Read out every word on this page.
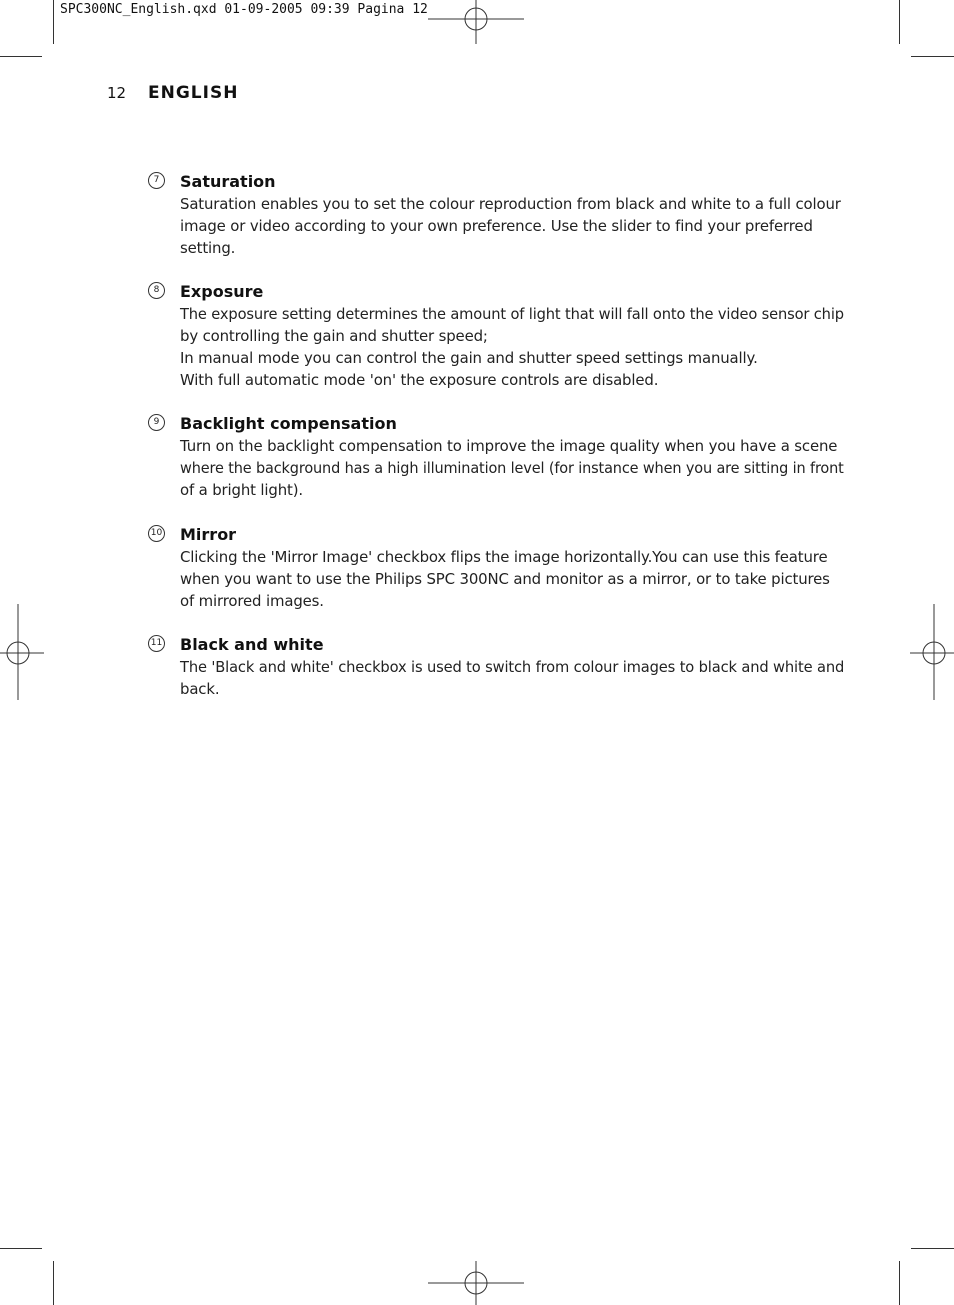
SPC300NC_English.qxd 01-09-2005 09:39 Pagina 12
12	ENGLISH
7	Saturation
Saturation enables you to set the colour reproduction from black and white to a full colour
image or video according to your own preference. Use the slider to find your preferred
setting.
8	Exposure
The exposure setting determines the amount of light that will fall onto the video sensor chip
by controlling the gain and shutter speed;
In manual mode you can control the gain and shutter speed settings manually.
With full automatic mode 'on' the exposure controls are disabled.
9	Backlight compensation
Turn on the backlight compensation to improve the image quality when you have a scene
where the background has a high illumination level (for instance when you are sitting in front
of a bright light).
10 Mirror
Clicking the 'Mirror Image' checkbox flips the image horizontally.You can use this feature
when you want to use the Philips SPC 300NC and monitor as a mirror, or to take pictures
of mirrored images.
11 Black and white
The 'Black and white' checkbox is used to switch from colour images to black and white and
back.
